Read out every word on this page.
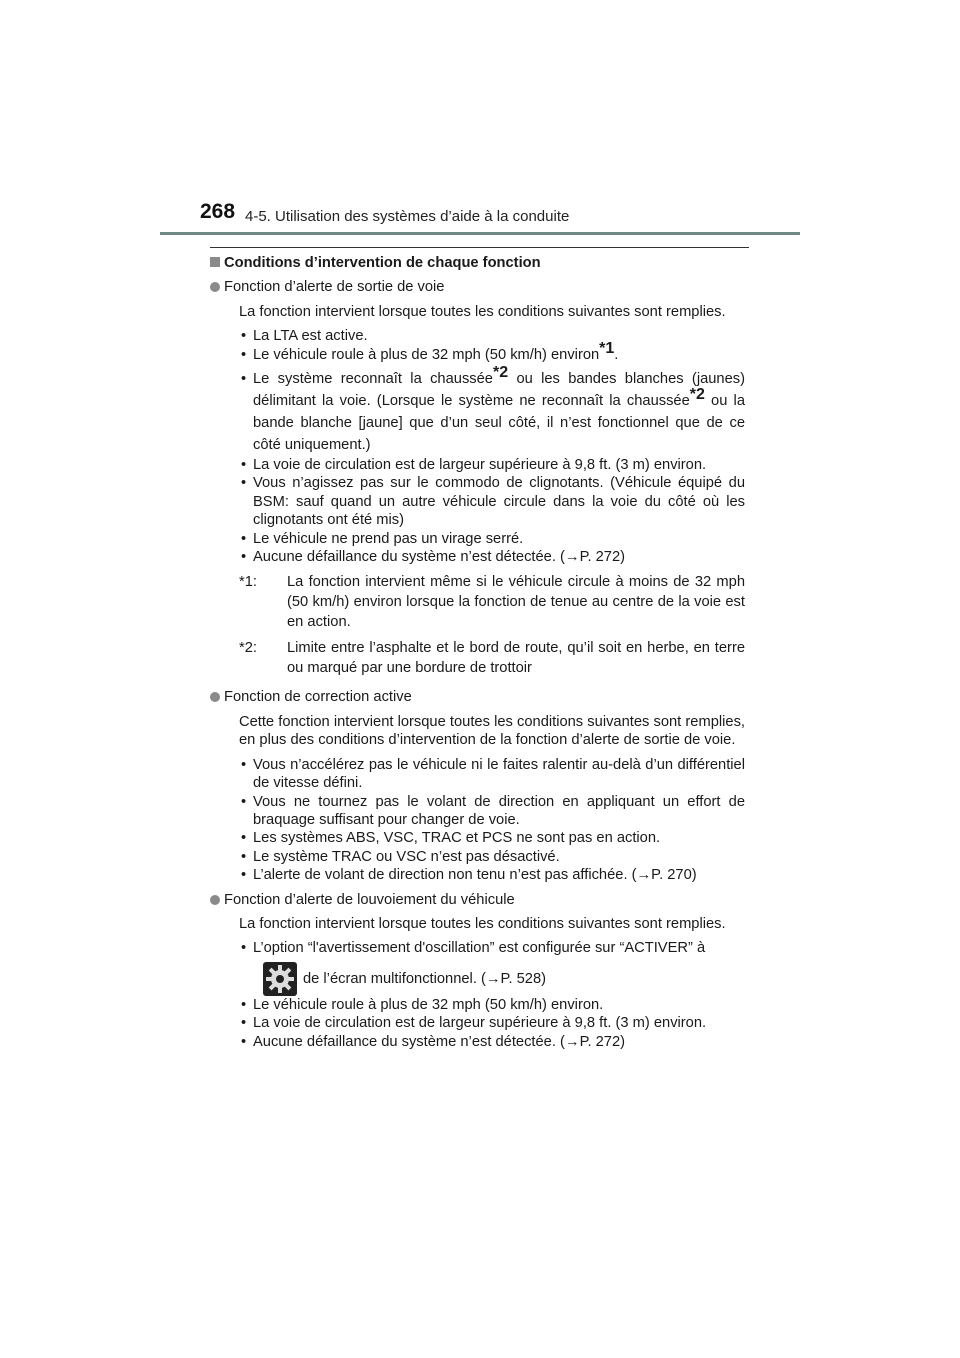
268 4-5. Utilisation des systèmes d’aide à la conduite
Conditions d’intervention de chaque fonction
Fonction d’alerte de sortie de voie

La fonction intervient lorsque toutes les conditions suivantes sont remplies.

• La LTA est active.
• Le véhicule roule à plus de 32 mph (50 km/h) environ$^{*1}$.
• Le système reconnaît la chaussée$^{*2}$ ou les bandes blanches (jaunes) délimitant la voie. (Lorsque le système ne reconnaît la chaussée$^{*2}$ ou la bande blanche [jaune] que d’un seul côté, il n’est fonctionnel que de ce côté uniquement.)
• La voie de circulation est de largeur supérieure à 9,8 ft. (3 m) environ.
• Vous n’agissez pas sur le commodo de clignotants. (Véhicule équipé du BSM: sauf quand un autre véhicule circule dans la voie du côté où les clignotants ont été mis)
• Le véhicule ne prend pas un virage serré.
• Aucune défaillance du système n’est détectée. (→P. 272)
*1: La fonction intervient même si le véhicule circule à moins de 32 mph (50 km/h) environ lorsque la fonction de tenue au centre de la voie est en action.
*2: Limite entre l’asphalte et le bord de route, qu’il soit en herbe, en terre ou marqué par une bordure de trottoir
Fonction de correction active

Cette fonction intervient lorsque toutes les conditions suivantes sont remplies, en plus des conditions d’intervention de la fonction d’alerte de sortie de voie.

• Vous n’accélérez pas le véhicule ni le faites ralentir au-delà d’un différentiel de vitesse défini.
• Vous ne tournez pas le volant de direction en appliquant un effort de braquage suffisant pour changer de voie.
• Les systèmes ABS, VSC, TRAC et PCS ne sont pas en action.
• Le système TRAC ou VSC n’est pas désactivé.
• L’alerte de volant de direction non tenu n’est pas affichée. (→P. 270)
Fonction d’alerte de louvoiement du véhicule

La fonction intervient lorsque toutes les conditions suivantes sont remplies.

• L’option “l'avertissement d'oscillation” est configurée sur “ACTIVER” à
de l’écran multifonctionnel. (→P. 528)
• Le véhicule roule à plus de 32 mph (50 km/h) environ.
• La voie de circulation est de largeur supérieure à 9,8 ft. (3 m) environ.
• Aucune défaillance du système n’est détectée. (→P. 272)
